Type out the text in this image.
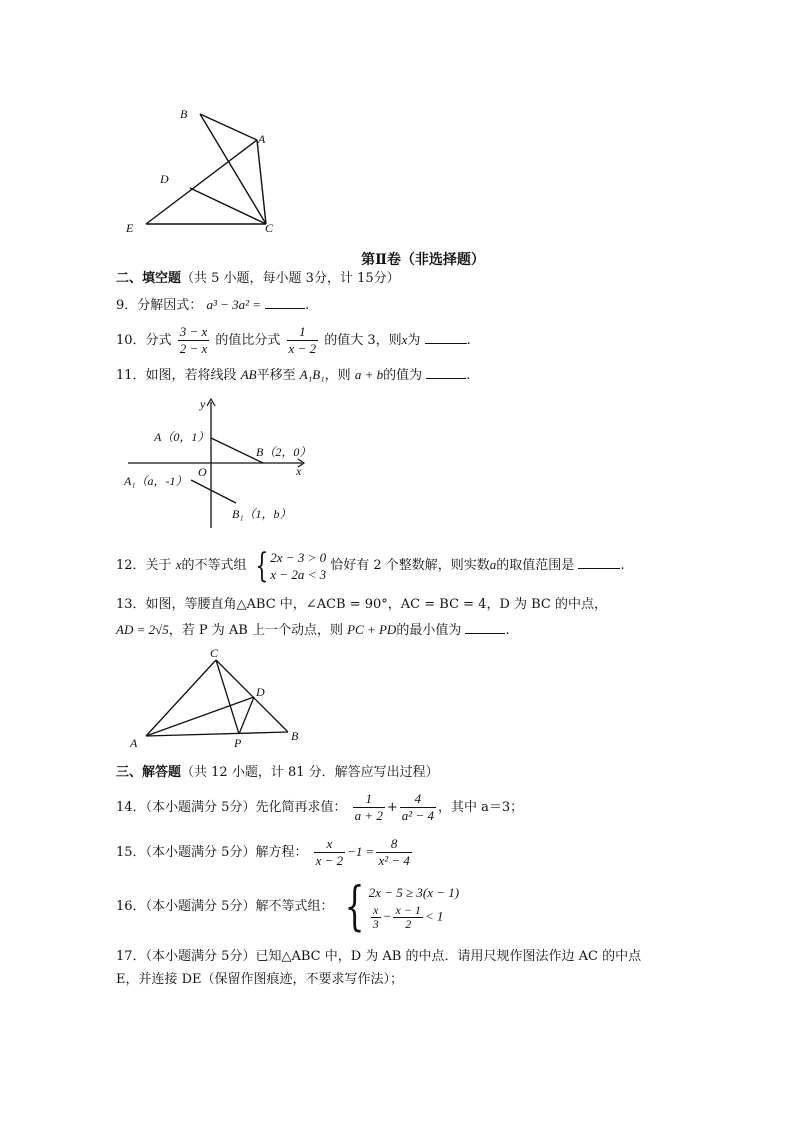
B
A
D
E	C
第Ⅱ卷（非选择题）
二、填空题（共 5 小题，每小题 3分，计 15分）
9．分解因式： a³ − 3a² =	.
10．分式 $\frac{3 - x}{2 - x}$ 的值比分式 $\frac{1}{x - 2}$ 的值大 3，则x为	.
11．如图，若将线段 AB平移至 A₁B₁，则 a + b的值为	.
y
x
O
A（0，1）
B（2，0）
A₁（a，-1）
B₁（1，b）
12．关于 x的不等式组 { 2x − 3 > 0
x − 2a < 3
恰好有 2 个整数解，则实数a的取值范围是	.
13．如图，等腰直角△ABC 中，∠ACB = 90°，AC = BC = 4，D 为 BC 的中点，
AD = 2√5，若 P 为 AB 上一个动点，则 PC + PD的最小值为	.
C
D
A	P	B
三、解答题（共 12 小题，计 81 分．解答应写出过程）
14．（本小题满分 5分）先化简再求值： $\frac{1}{a + 2} + \frac{4}{\text{a² − 4}}$ ，其中 a＝3；
15．（本小题满分 5分）解方程： $\frac{x}{x - 2} -1 = \frac{8}{\text{x² − 4}}$
16．（本小题满分 5分）解不等式组： { 2x − 5 ≥ 3(x − 1)
$\frac{x}{3} - \frac{x - 1}{2} < 1$
17．（本小题满分 5分）已知△ABC 中，D 为 AB 的中点．请用尺规作图法作边 AC 的中点
E，并连接 DE（保留作图痕迹，不要求写作法）；
